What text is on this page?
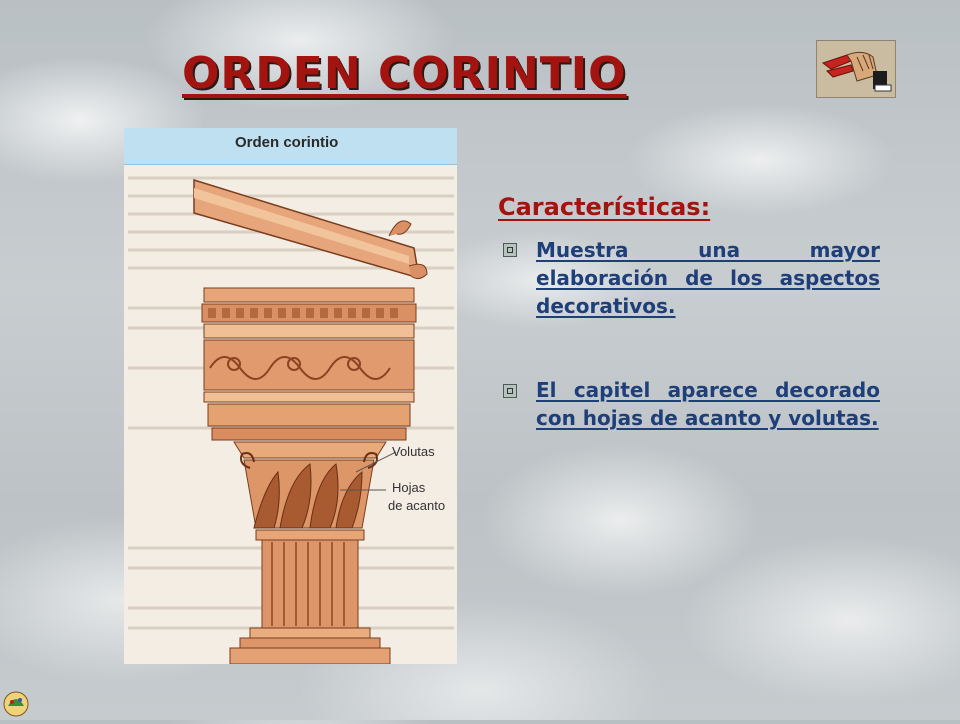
ORDEN CORINTIO
Orden corintio
Volutas
Hojas
de acanto
Características:
Muestra una mayor elaboración de los aspectos decorativos.
El capitel aparece decorado con hojas de acanto y volutas.
